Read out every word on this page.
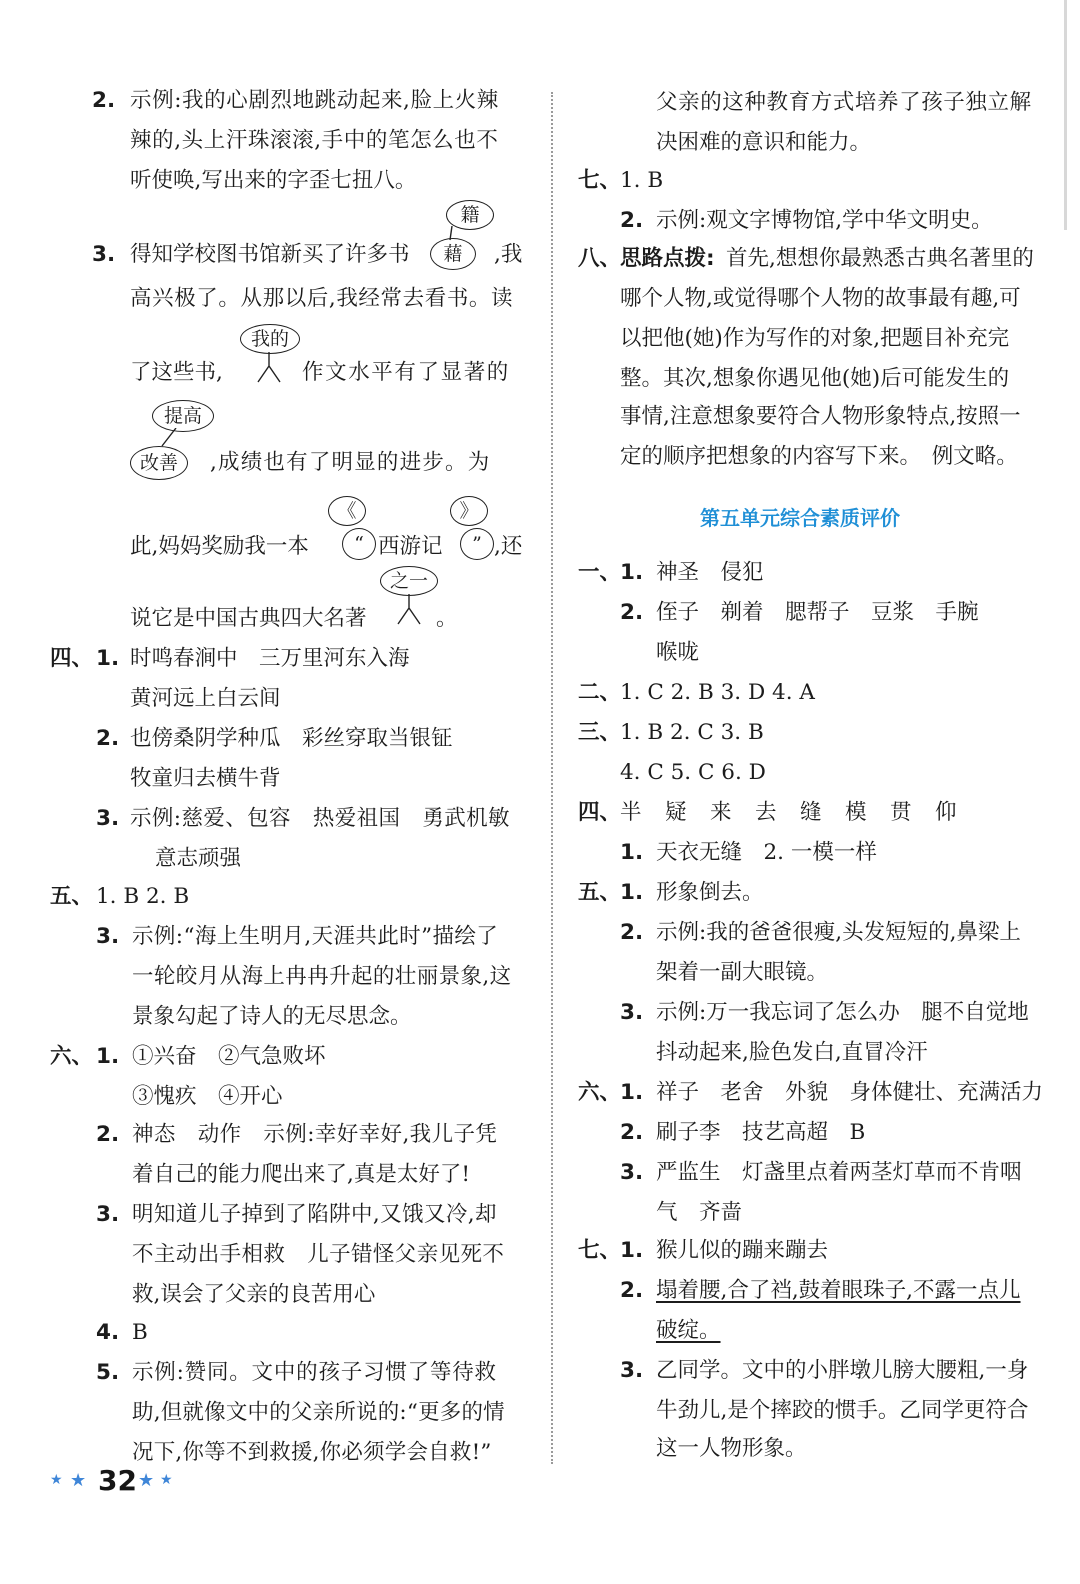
2. 示例:我的心剧烈地跳动起来,脸上火辣
辣的,头上汗珠滚滚,手中的笔怎么也不
听使唤,写出来的字歪七扭八。
3. 得知学校图书馆新买了许多书
籍
藉	,我
高兴极了。从那以后,我经常去看书。读
了这些书,
我的
作文水平有了显著的
提高
改善	,成绩也有了明显的进步。为
此,妈妈奖励我一本
《
“ 西游记
》
” ,还
说它是中国古典四大名著
之一
。
四、 1. 时鸣春涧中　三万里河东入海
黄河远上白云间
2. 也傍桑阴学种瓜　彩丝穿取当银钲
牧童归去横牛背
3. 示例:慈爱、包容　热爱祖国　勇武机敏
意志顽强
五、 1. B 2. B
3. 示例:“海上生明月,天涯共此时”描绘了
一轮皎月从海上冉冉升起的壮丽景象,这
景象勾起了诗人的无尽思念。
六、 1. ①兴奋　②气急败坏
③愧疚　④开心
2. 神态　动作　示例:幸好幸好,我儿子凭
着自己的能力爬出来了,真是太好了!
3. 明知道儿子掉到了陷阱中,又饿又冷,却
不主动出手相救　儿子错怪父亲见死不
救,误会了父亲的良苦用心
4. B
5. 示例:赞同。文中的孩子习惯了等待救
助,但就像文中的父亲所说的:“更多的情
况下,你等不到救援,你必须学会自救!”
父亲的这种教育方式培养了孩子独立解
决困难的意识和能力。
七、
1. B
2. 示例:观文字博物馆,学中华文明史。
八、
思路点拨: 首先,想想你最熟悉古典名著里的
哪个人物,或觉得哪个人物的故事最有趣,可
以把他(她)作为写作的对象,把题目补充完
整。其次,想象你遇见他(她)后可能发生的
事情,注意想象要符合人物形象特点,按照一
定的顺序把想象的内容写下来。　例文略。
第五单元综合素质评价
一、
1. 神圣　侵犯
2. 侄子　剃着　腮帮子　豆浆　手腕
喉咙
二、
1. C 2. B 3. D 4. A
三、
1. B 2. C 3. B
4. C 5. C 6. D
四、
半　疑　来　去　缝　模　贯　仰
1. 天衣无缝　2. 一模一样
五、
1. 形象倒去。
2. 示例:我的爸爸很瘦,头发短短的,鼻梁上
架着一副大眼镜。
3. 示例:万一我忘词了怎么办　腿不自觉地
抖动起来,脸色发白,直冒冷汗
六、
1. 祥子　老舍　外貌　身体健壮、充满活力
2. 刷子李　技艺高超　B
3. 严监生　灯盏里点着两茎灯草而不肯咽
气　齐啬
七、
1. 猴儿似的蹦来蹦去
2. 塌着腰,合了裆,鼓着眼珠子,不露一点儿
破绽。
3. 乙同学。文中的小胖墩儿膀大腰粗,一身
牛劲儿,是个摔跤的惯手。乙同学更符合
这一人物形象。
★ ★ 32 ★ ★
